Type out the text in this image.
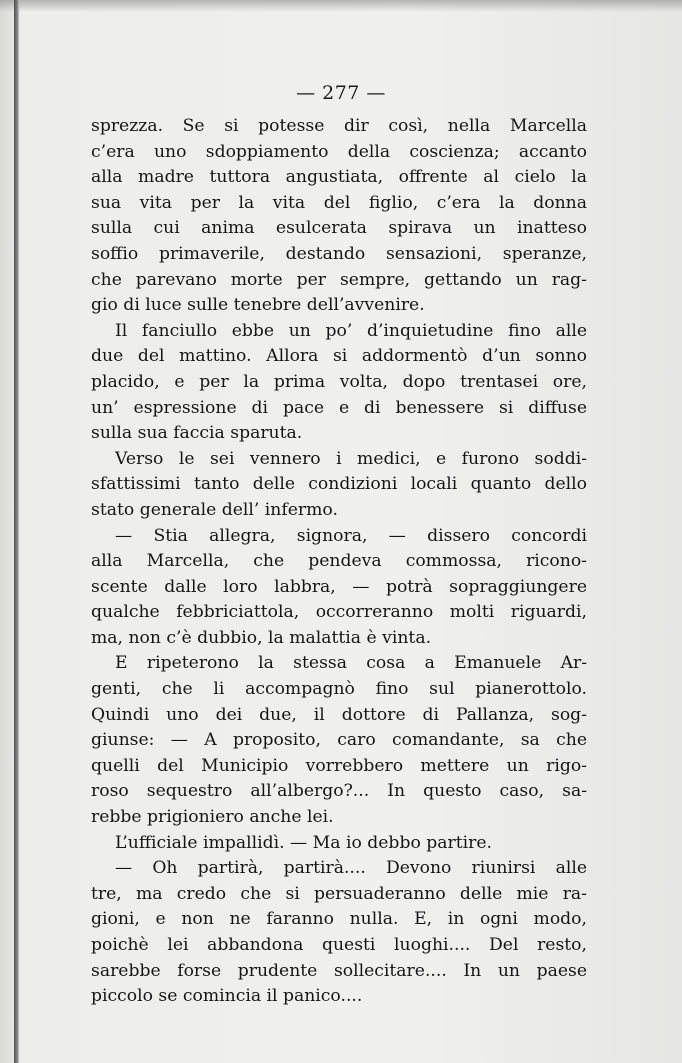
— 277 —
sprezza. Se si potesse dir così, nella Marcella
c’era uno sdoppiamento della coscienza; accanto
alla madre tuttora angustiata, offrente al cielo la
sua vita per la vita del figlio, c’era la donna
sulla cui anima esulcerata spirava un inatteso
soffio primaverile, destando sensazioni, speranze,
che parevano morte per sempre, gettando un rag-
gio di luce sulle tenebre dell’avvenire.
Il fanciullo ebbe un po’ d’inquietudine fino alle
due del mattino. Allora si addormentò d’un sonno
placido, e per la prima volta, dopo trentasei ore,
un’ espressione di pace e di benessere si diffuse
sulla sua faccia sparuta.
Verso le sei vennero i medici, e furono soddi-
sfattissimi tanto delle condizioni locali quanto dello
stato generale dell’ infermo.
— Stia allegra, signora, — dissero concordi
alla Marcella, che pendeva commossa, ricono-
scente dalle loro labbra, — potrà sopraggiungere
qualche febbriciattola, occorreranno molti riguardi,
ma, non c’è dubbio, la malattia è vinta.
E ripeterono la stessa cosa a Emanuele Ar-
genti, che li accompagnò fino sul pianerottolo.
Quindi uno dei due, il dottore di Pallanza, sog-
giunse: — A proposito, caro comandante, sa che
quelli del Municipio vorrebbero mettere un rigo-
roso sequestro all’albergo?... In questo caso, sa-
rebbe prigioniero anche lei.
L’ufficiale impallidì. — Ma io debbo partire.
— Oh partirà, partirà.... Devono riunirsi alle
tre, ma credo che si persuaderanno delle mie ra-
gioni, e non ne faranno nulla. E, in ogni modo,
poichè lei abbandona questi luoghi.... Del resto,
sarebbe forse prudente sollecitare.... In un paese
piccolo se comincia il panico....
